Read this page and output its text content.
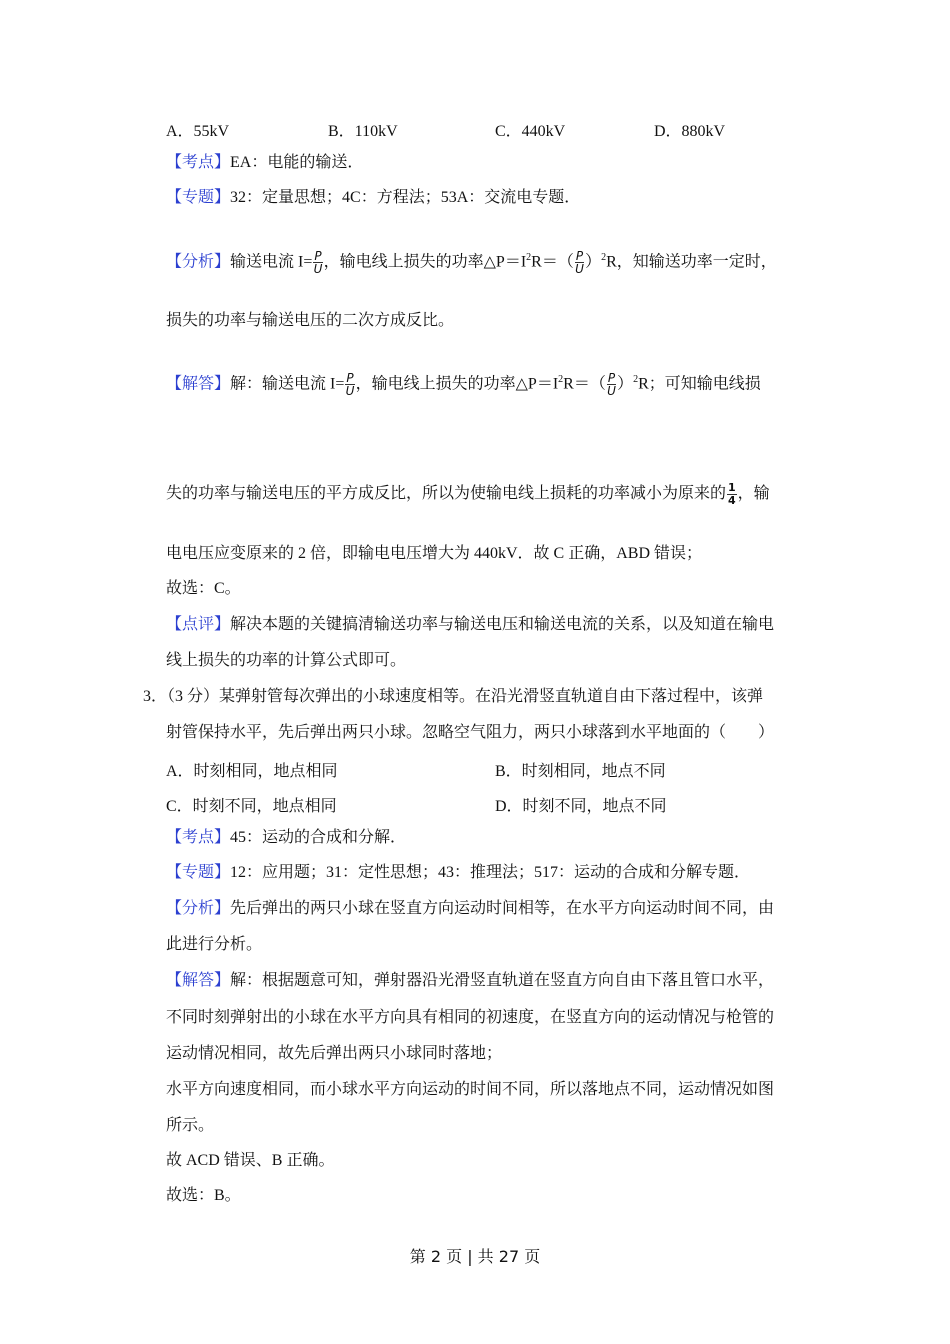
A．55kV	B．110kV	C．440kV	D．880kV
【考点】EA：电能的输送．
【专题】32：定量思想；4C：方程法；53A：交流电专题．
【分析】输送电流 $I= \frac{P}{U}$ ，输电线上损失的功率$\triangle P=I^2R=( \frac{P}{U} )^2R$，知输送功率一定时，
损失的功率与输送电压的二次方成反比。
【解答】解：输送电流 $I= \frac{P}{U}$ ，输电线上损失的功率$\triangle P=I^2R=( \frac{P}{U} )^2R$；可知输电线损
失的功率与输送电压的平方成反比，所以为使输电线上损耗的功率减小为原来的 $\frac{1}{4}$ ，输
电电压应变原来的 2 倍，即输电电压增大为 440kV．故 C 正确，ABD 错误；
故选：C。
【点评】解决本题的关键搞清输送功率与输送电压和输送电流的关系，以及知道在输电
线上损失的功率的计算公式即可。
3．（3 分）某弹射管每次弹出的小球速度相等。在沿光滑竖直轨道自由下落过程中，该弹
射管保持水平，先后弹出两只小球。忽略空气阻力，两只小球落到水平地面的（　　）
A．时刻相同，地点相同	B．时刻相同，地点不同
C．时刻不同，地点相同	D．时刻不同，地点不同
【考点】45：运动的合成和分解．
【专题】12：应用题；31：定性思想；43：推理法；517：运动的合成和分解专题．
【分析】先后弹出的两只小球在竖直方向运动时间相等，在水平方向运动时间不同，由
此进行分析。
【解答】解：根据题意可知，弹射器沿光滑竖直轨道在竖直方向自由下落且管口水平，
不同时刻弹射出的小球在水平方向具有相同的初速度，在竖直方向的运动情况与枪管的
运动情况相同，故先后弹出两只小球同时落地；
水平方向速度相同，而小球水平方向运动的时间不同，所以落地点不同，运动情况如图
所示。
故 ACD 错误、B 正确。
故选：B。
第 2 页 | 共 27 页
